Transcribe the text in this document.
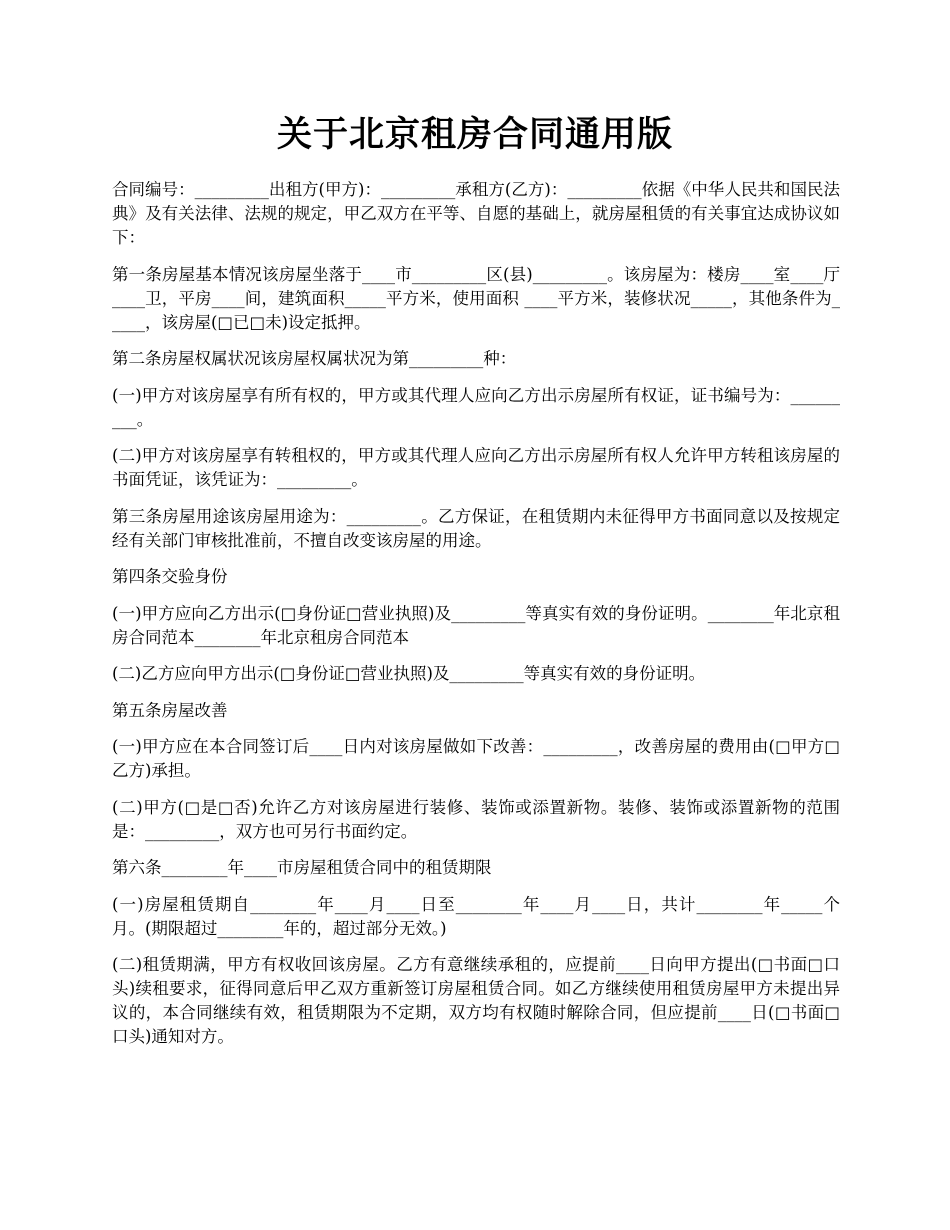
关于北京租房合同通用版

合同编号：_________出租方(甲方)：_________承租方(乙方)：_________依据《中华人民共和国民法典》及有关法律、法规的规定，甲乙双方在平等、自愿的基础上，就房屋租赁的有关事宜达成协议如下：

第一条房屋基本情况该房屋坐落于____市_________区(县)_________。该房屋为：楼房____室____厅____卫，平房____间，建筑面积_____平方米，使用面积 ____平方米，装修状况_____，其他条件为_____，该房屋(□已□未)设定抵押。

第二条房屋权属状况该房屋权属状况为第_________种：

(一)甲方对该房屋享有所有权的，甲方或其代理人应向乙方出示房屋所有权证，证书编号为：_________。

(二)甲方对该房屋享有转租权的，甲方或其代理人应向乙方出示房屋所有权人允许甲方转租该房屋的书面凭证，该凭证为：_________。

第三条房屋用途该房屋用途为：_________。乙方保证，在租赁期内未征得甲方书面同意以及按规定经有关部门审核批准前，不擅自改变该房屋的用途。

第四条交验身份

(一)甲方应向乙方出示(□身份证□营业执照)及_________等真实有效的身份证明。________年北京租房合同范本________年北京租房合同范本

(二)乙方应向甲方出示(□身份证□营业执照)及_________等真实有效的身份证明。

第五条房屋改善

(一)甲方应在本合同签订后____日内对该房屋做如下改善：_________，改善房屋的费用由(□甲方□乙方)承担。

(二)甲方(□是□否)允许乙方对该房屋进行装修、装饰或添置新物。装修、装饰或添置新物的范围是：_________，双方也可另行书面约定。

第六条________年____市房屋租赁合同中的租赁期限

(一)房屋租赁期自________年____月____日至________年____月____日，共计________年_____个月。(期限超过________年的，超过部分无效。)

(二)租赁期满，甲方有权收回该房屋。乙方有意继续承租的，应提前____日向甲方提出(□书面□口头)续租要求，征得同意后甲乙双方重新签订房屋租赁合同。如乙方继续使用租赁房屋甲方未提出异议的，本合同继续有效，租赁期限为不定期，双方均有权随时解除合同，但应提前____日(□书面□口头)通知对方。
